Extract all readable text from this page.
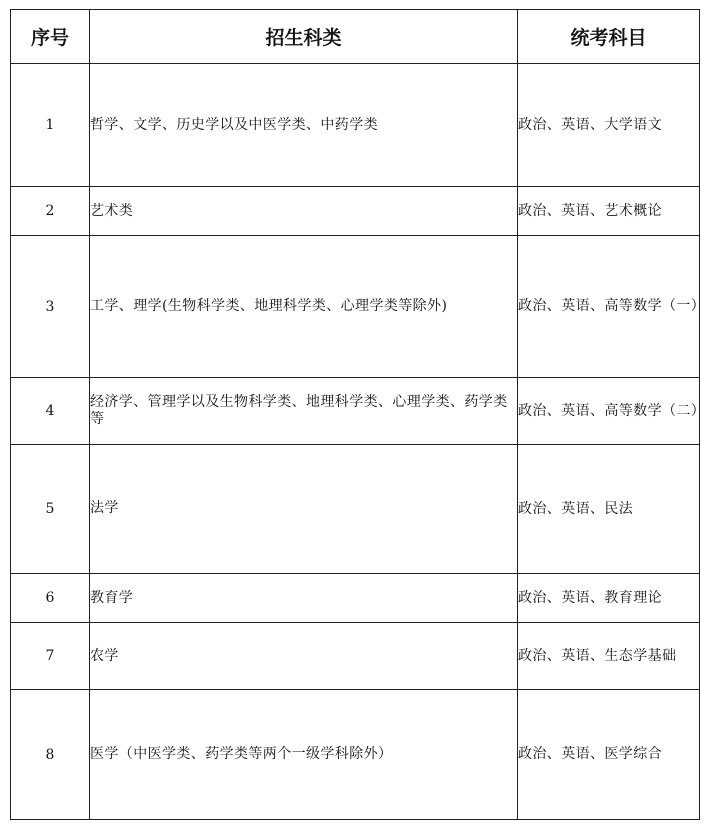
序号	招生科类	统考科目
1	哲学、文学、历史学以及中医学类、中药学类	政治、英语、大学语文
2	艺术类	政治、英语、艺术概论
3	工学、理学(生物科学类、地理科学类、心理学类等除外)	政治、英语、高等数学（一）
4	经济学、管理学以及生物科学类、地理科学类、心理学类、药学类等	政治、英语、高等数学（二）
5	法学	政治、英语、民法
6	教育学	政治、英语、教育理论
7	农学	政治、英语、生态学基础
8	医学（中医学类、药学类等两个一级学科除外）	政治、英语、医学综合
